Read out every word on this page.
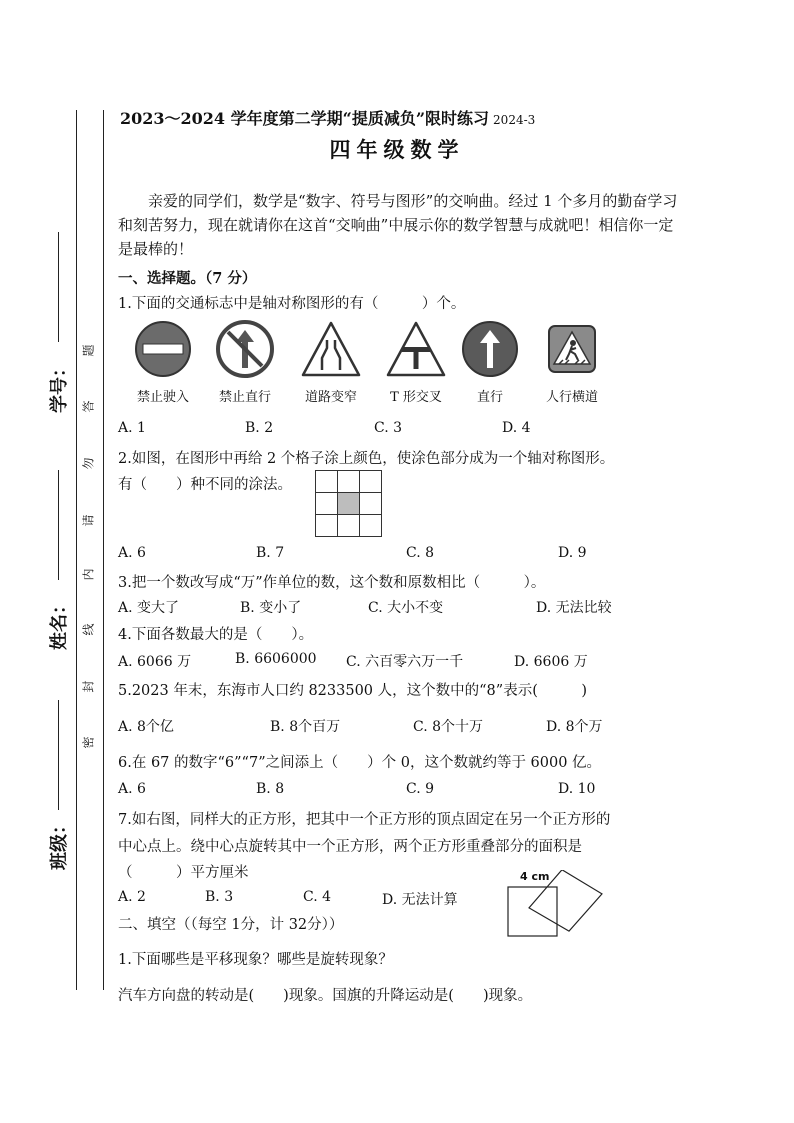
学号：
姓名：
班级：
题
答
勿
请
内
线
封
密
2023～2024 学年度第二学期“提质减负”限时练习 2024-3
四年级数学
亲爱的同学们，数学是“数字、符号与图形”的交响曲。经过 1 个多月的勤奋学习和刻苦努力，现在就请你在这首“交响曲”中展示你的数学智慧与成就吧！相信你一定是最棒的！
一、选择题。（7 分）
1.下面的交通标志中是轴对称图形的有（　　　）个。
禁止驶入	禁止直行	道路变窄	T 形交叉	直行	人行横道
A. 1	B. 2	C. 3	D. 4
2.如图，在图形中再给 2 个格子涂上颜色，使涂色部分成为一个轴对称图形。
有（　　）种不同的涂法。
A. 6	B. 7	C. 8	D. 9
3.把一个数改写成“万”作单位的数，这个数和原数相比（　　　）。
A. 变大了	B. 变小了	C. 大小不变	D. 无法比较
4.下面各数最大的是（　　）。
A. 6066 万	B. 6606000 C. 六百零六万一千	D. 6606 万
5.2023 年末，东海市人口约 8233500 人，这个数中的“8”表示(　　　)
A. 8个亿	B. 8个百万	C. 8个十万	D. 8个万
6.在 67 的数字“6”“7”之间添上（　　）个 0，这个数就约等于 6000 亿。
A. 6	B. 8	C. 9	D. 10
7.如右图，同样大的正方形，把其中一个正方形的顶点固定在另一个正方形的
中心点上。绕中心点旋转其中一个正方形，两个正方形重叠部分的面积是
（　　　）平方厘米
A. 2	B. 3	C. 4	D. 无法计算
4 cm
二、填空（（每空 1分，计 32分））
1.下面哪些是平移现象？哪些是旋转现象？
汽车方向盘的转动是(　　)现象。国旗的升降运动是(　　)现象。
